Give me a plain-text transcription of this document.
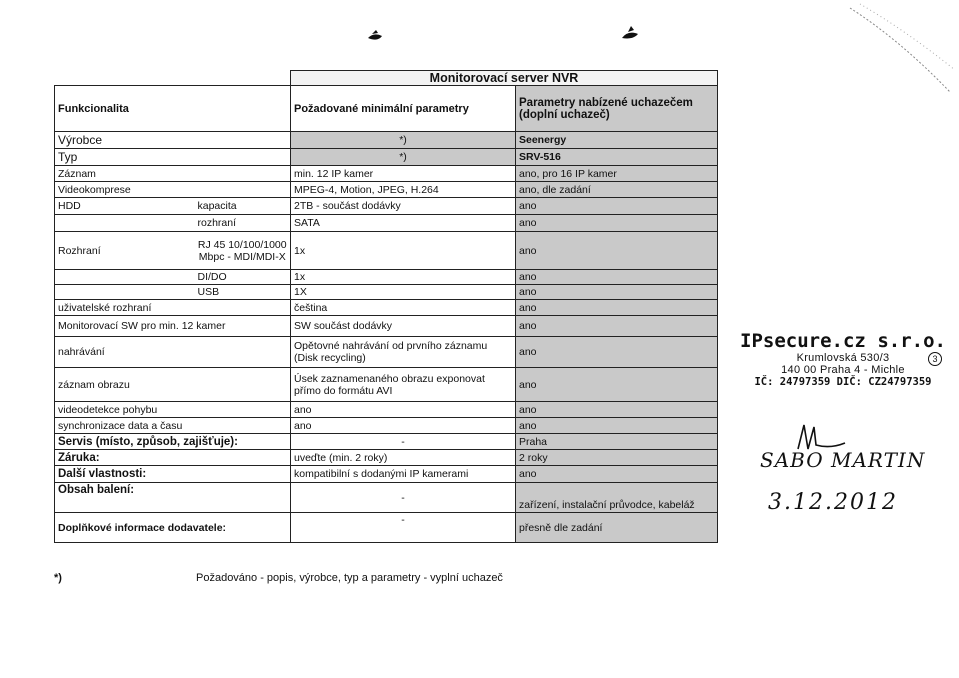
		Monitorovací server NVR	
Funkcionalita		Požadované minimální parametry	Parametry nabízené uchazečem (doplní uchazeč)
Výrobce		*)	Seenergy
Typ		*)	SRV-516
Záznam		min. 12 IP kamer	ano, pro 16 IP kamer
Videokomprese		MPEG-4, Motion, JPEG, H.264	ano, dle zadání
HDD	kapacita	2TB - součást dodávky	ano
	rozhraní	SATA	ano
Rozhraní	RJ 45 10/100/1000 Mbpc - MDI/MDI-X	1x	ano
	DI/DO	1x	ano
	USB	1X	ano
uživatelské rozhraní		čeština	ano
Monitorovací SW pro min. 12 kamer		SW součást dodávky	ano
nahrávání		Opětovné nahrávání od prvního záznamu (Disk recycling)	ano
záznam obrazu		Úsek zaznamenaného obrazu exponovat přímo do formátu AVI	ano
videodetekce pohybu		ano	ano
synchronizace data a času		ano	ano
Servis (místo, způsob, zajišťuje):		-	Praha
Záruka:		uveďte (min. 2 roky)	2 roky
Další vlastnosti:		kompatibilní s dodanými IP kamerami	ano
Obsah balení:		-	zařízení, instalační průvodce, kabeláž
Doplňkové informace dodavatele:		-	přesně dle zadání
*)	Požadováno - popis, výrobce, typ a parametry - vyplní uchazeč
IPsecure.cz s.r.o.
Krumlovská 530/3
140 00 Praha 4 - Michle
IČ: 24797359 DIČ: CZ24797359
3
SABO MARTIN
3.12.2012
